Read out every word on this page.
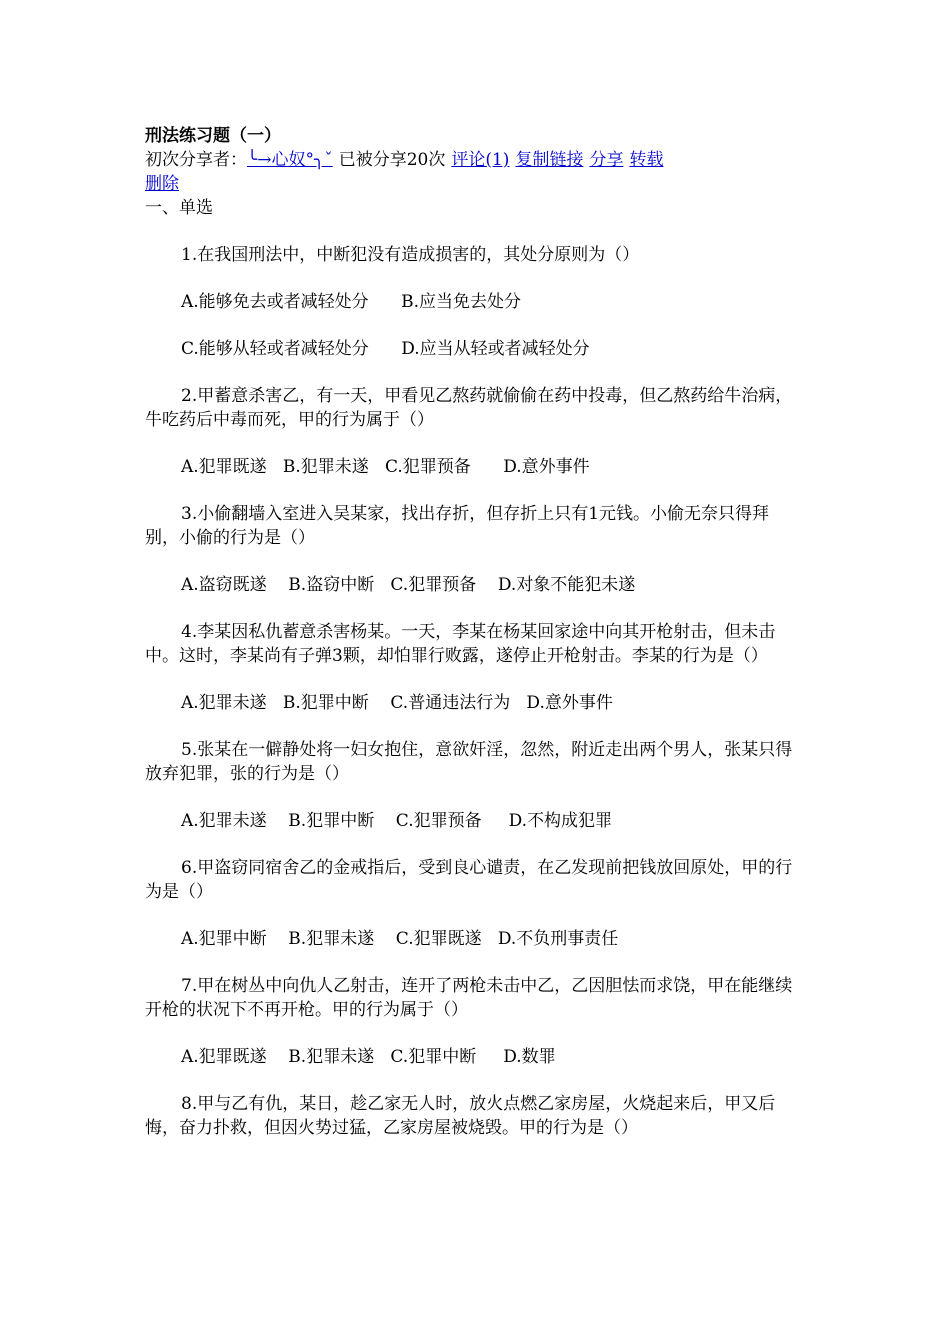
刑法练习题（一）
初次分享者：╰→心奴°╮ˇ 已被分享20次 评论(1) 复制链接 分享 转载
删除
一、单选
1.在我国刑法中，中断犯没有造成损害的，其处分原则为（）
A.能够免去或者减轻处分      B.应当免去处分
C.能够从轻或者减轻处分      D.应当从轻或者减轻处分
2.甲蓄意杀害乙，有一天，甲看见乙熬药就偷偷在药中投毒，但乙熬药给牛治病，牛吃药后中毒而死，甲的行为属于（）
A.犯罪既遂   B.犯罪未遂   C.犯罪预备      D.意外事件
3.小偷翻墙入室进入吴某家，找出存折，但存折上只有1元钱。小偷无奈只得拜别，小偷的行为是（）
A.盗窃既遂    B.盗窃中断   C.犯罪预备    D.对象不能犯未遂
4.李某因私仇蓄意杀害杨某。一天，李某在杨某回家途中向其开枪射击，但未击中。这时，李某尚有子弹3颗，却怕罪行败露，遂停止开枪射击。李某的行为是（）
A.犯罪未遂   B.犯罪中断    C.普通违法行为   D.意外事件
5.张某在一僻静处将一妇女抱住，意欲奸淫，忽然，附近走出两个男人，张某只得放弃犯罪，张的行为是（）
A.犯罪未遂    B.犯罪中断    C.犯罪预备     D.不构成犯罪
6.甲盗窃同宿舍乙的金戒指后，受到良心谴责，在乙发现前把钱放回原处，甲的行为是（）
A.犯罪中断    B.犯罪未遂    C.犯罪既遂   D.不负刑事责任
7.甲在树丛中向仇人乙射击，连开了两枪未击中乙，乙因胆怯而求饶，甲在能继续开枪的状况下不再开枪。甲的行为属于（）
A.犯罪既遂    B.犯罪未遂   C.犯罪中断     D.数罪
8.甲与乙有仇，某日，趁乙家无人时，放火点燃乙家房屋，火烧起来后，甲又后悔，奋力扑救，但因火势过猛，乙家房屋被烧毁。甲的行为是（）
